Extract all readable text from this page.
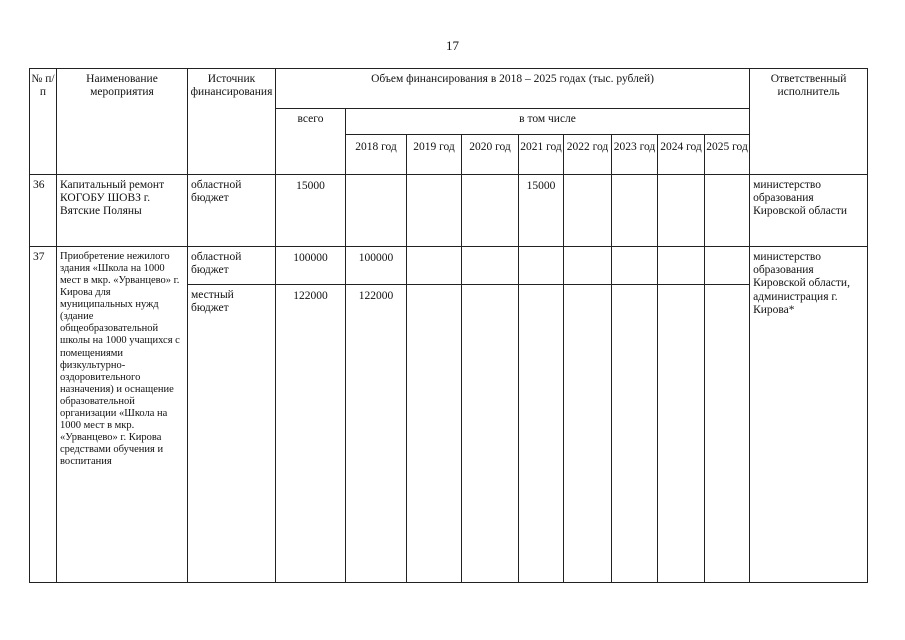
17
№ п/п	Наименование мероприятия	Источник финансирования	Объем финансирования в 2018 – 2025 годах (тыс. рублей)									Ответственный исполнитель
			всего	в том числе								
				2018 год	2019 год	2020 год	2021 год	2022 год	2023 год	2024 год	2025 год	
36	Капитальный ремонт КОГОБУ ШОВЗ г. Вятские Поляны	областной бюджет	15000				15000					министерство образования Кировской области
37	Приобретение нежилого здания «Школа на 1000 мест в мкр. «Урванцево» г. Кирова для муниципальных нужд (здание общеобразовательной школы на 1000 учащихся с помещениями физкультурно-оздоровительного назначения) и оснащение образовательной организации «Школа на 1000 мест в мкр. «Урванцево» г. Кирова средствами обучения и воспитания	областной бюджет	100000	100000								министерство образования Кировской области, администрация г. Кирова*
		местный бюджет	122000	122000								
